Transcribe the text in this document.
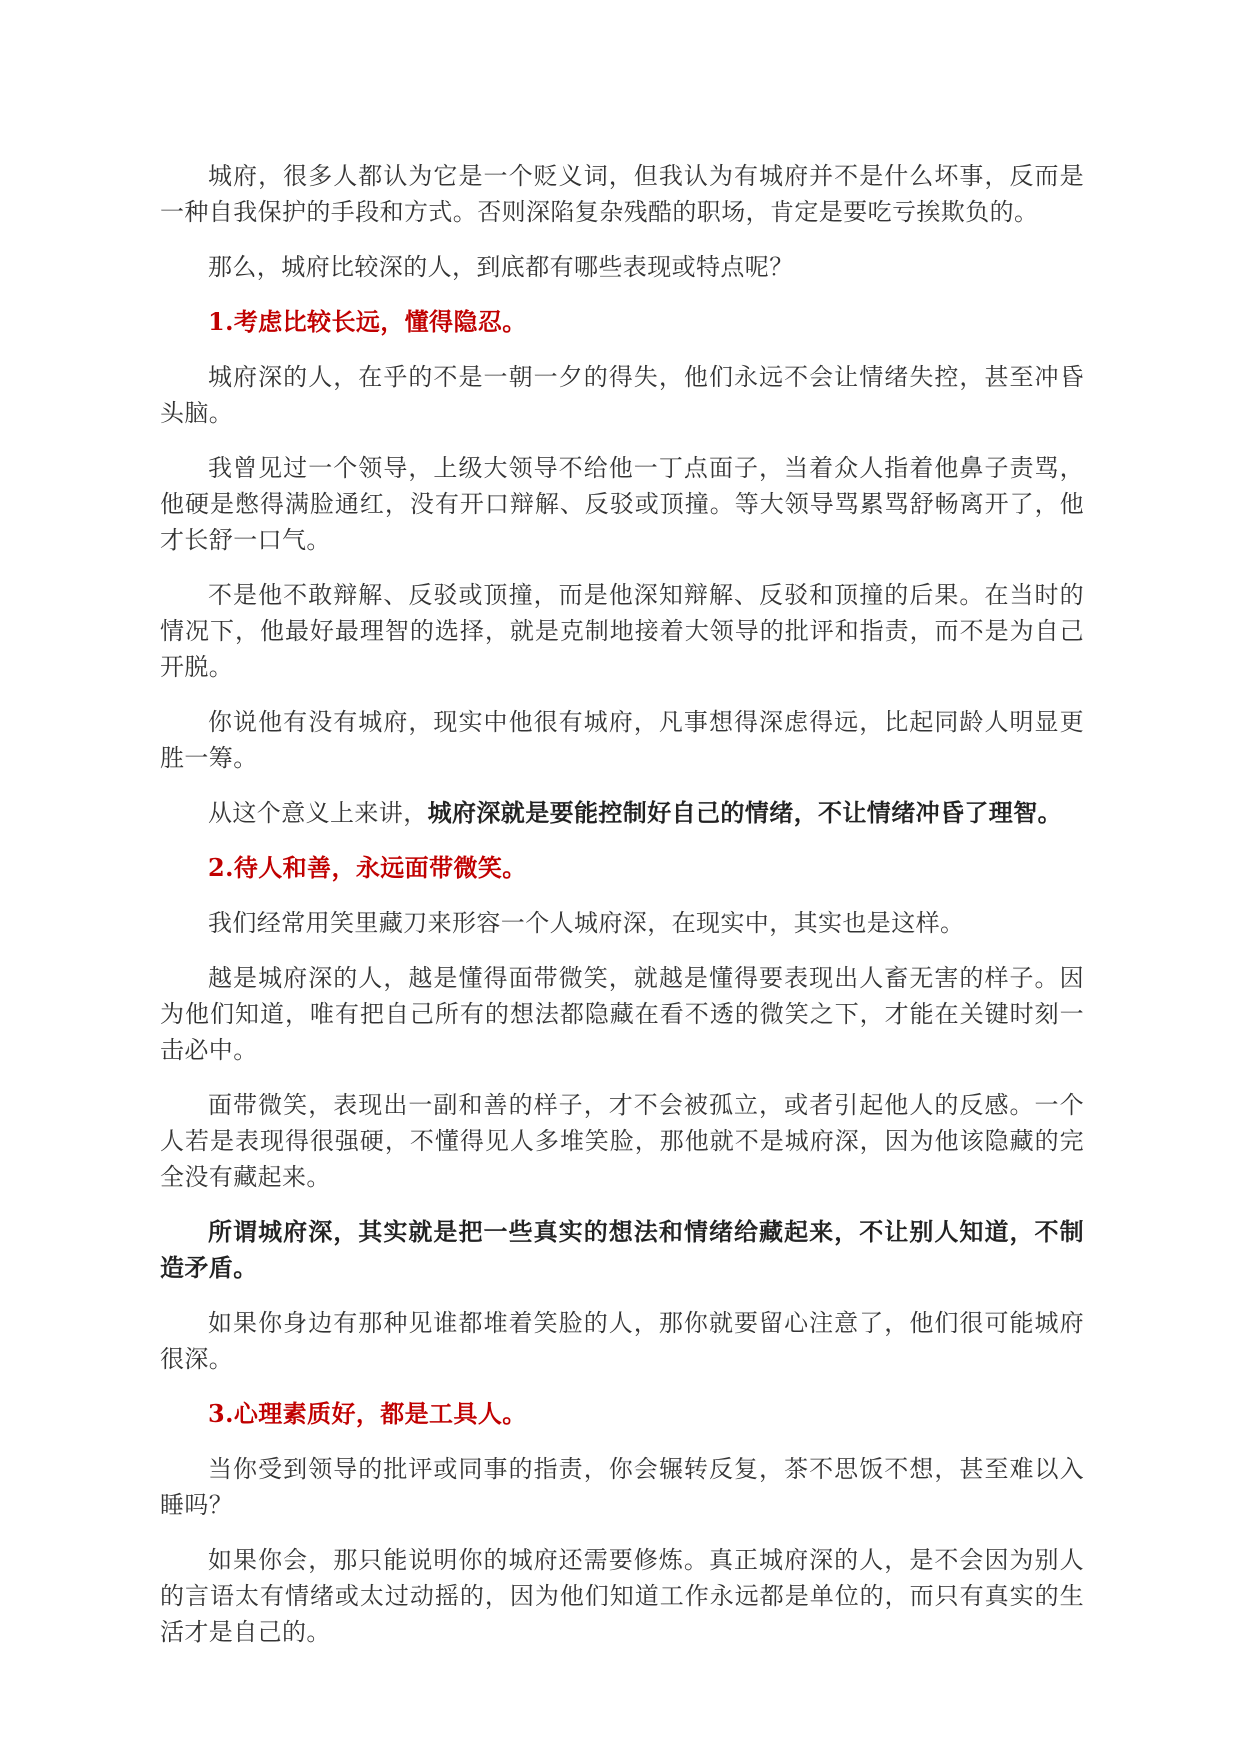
城府，很多人都认为它是一个贬义词，但我认为有城府并不是什么坏事，反而是一种自我保护的手段和方式。否则深陷复杂残酷的职场，肯定是要吃亏挨欺负的。

那么，城府比较深的人，到底都有哪些表现或特点呢？

1.考虑比较长远，懂得隐忍。

城府深的人，在乎的不是一朝一夕的得失，他们永远不会让情绪失控，甚至冲昏头脑。

我曾见过一个领导，上级大领导不给他一丁点面子，当着众人指着他鼻子责骂，他硬是憋得满脸通红，没有开口辩解、反驳或顶撞。等大领导骂累骂舒畅离开了，他才长舒一口气。

不是他不敢辩解、反驳或顶撞，而是他深知辩解、反驳和顶撞的后果。在当时的情况下，他最好最理智的选择，就是克制地接着大领导的批评和指责，而不是为自己开脱。

你说他有没有城府，现实中他很有城府，凡事想得深虑得远，比起同龄人明显更胜一筹。

从这个意义上来讲，城府深就是要能控制好自己的情绪，不让情绪冲昏了理智。

2.待人和善，永远面带微笑。

我们经常用笑里藏刀来形容一个人城府深，在现实中，其实也是这样。

越是城府深的人，越是懂得面带微笑，就越是懂得要表现出人畜无害的样子。因为他们知道，唯有把自己所有的想法都隐藏在看不透的微笑之下，才能在关键时刻一击必中。

面带微笑，表现出一副和善的样子，才不会被孤立，或者引起他人的反感。一个人若是表现得很强硬，不懂得见人多堆笑脸，那他就不是城府深，因为他该隐藏的完全没有藏起来。

所谓城府深，其实就是把一些真实的想法和情绪给藏起来，不让别人知道，不制造矛盾。

如果你身边有那种见谁都堆着笑脸的人，那你就要留心注意了，他们很可能城府很深。

3.心理素质好，都是工具人。

当你受到领导的批评或同事的指责，你会辗转反复，茶不思饭不想，甚至难以入睡吗？

如果你会，那只能说明你的城府还需要修炼。真正城府深的人，是不会因为别人的言语太有情绪或太过动摇的，因为他们知道工作永远都是单位的，而只有真实的生活才是自己的。
